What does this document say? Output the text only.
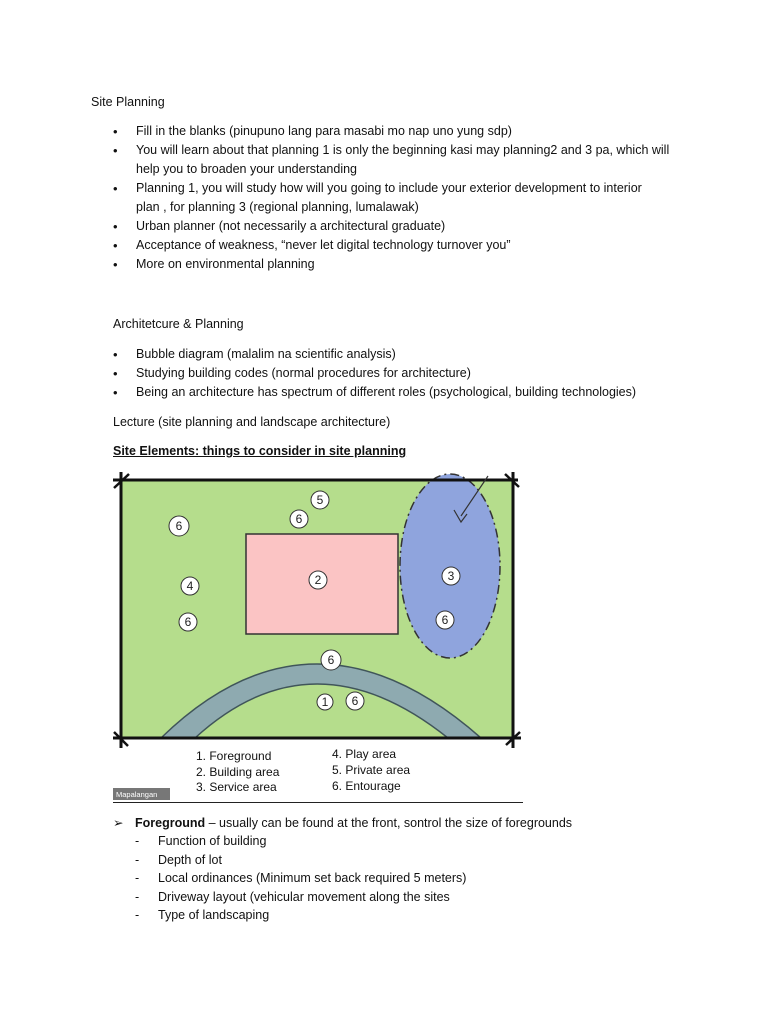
Site Planning
• Fill in the blanks (pinupuno lang para masabi mo nap uno yung sdp)
• You will learn about that planning 1 is only the beginning kasi may planning2 and 3 pa, which will
help you to broaden your understanding
• Planning 1, you will study how will you going to include your exterior development to interior
plan , for planning 3 (regional planning, lumalawak)
• Urban planner (not necessarily a architectural graduate)
• Acceptance of weakness, “never let digital technology turnover you”
• More on environmental planning
Architetcure & Planning
• Bubble diagram (malalim na scientific analysis)
• Studying building codes (normal procedures for architecture)
• Being an architecture has spectrum of different roles (psychological, building technologies)
Lecture (site planning and landscape architecture)
Site Elements: things to consider in site planning
6
5
6
2
4
6
3
6
6
1 6
1. Foreground
2. Building area
3. Service area
4. Play area
5. Private area
6. Entourage
Mapalangan
➢ Foreground – usually can be found at the front, sontrol the size of foregrounds
- Function of building
- Depth of lot
- Local ordinances (Minimum set back required 5 meters)
- Driveway layout (vehicular movement along the sites
- Type of landscaping
